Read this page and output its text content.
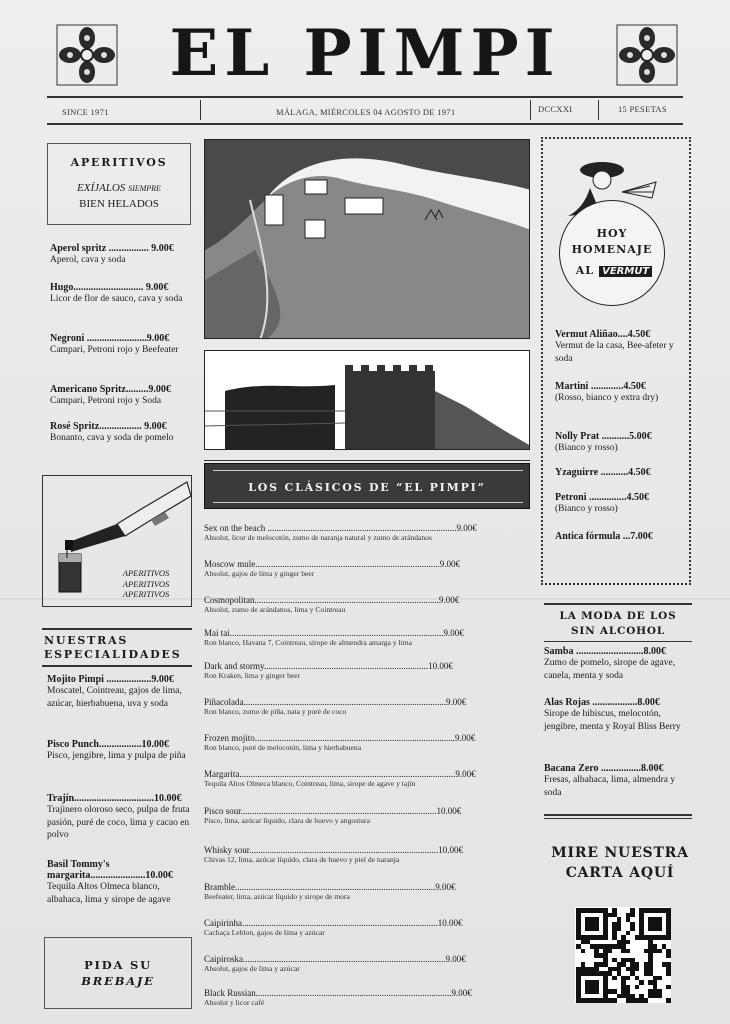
EL PIMPI
SINCE 1971	MÁLAGA, MIÉRCOLES 04 AGOSTO DE 1971	DCCXXI	15 PESETAS
APERITIVOS
EXÍJALOS SIEMPRE
BIEN HELADOS
Aperol spritz ................ 9.00€
Aperol, cava y soda
Hugo............................ 9.00€
Licor de flor de sauco, cava y soda
Negroni ........................9.00€
Campari, Petroni rojo y Beefeater
Americano Spritz.........9.00€
Campari, Petroni rojo y Soda
Rosé Spritz................. 9.00€
Bonanto, cava y soda de pomelo
APERITIVOS
APERITIVOS
APERITIVOS
NUESTRAS
ESPECIALIDADES
Mojito Pimpi ..................9.00€
Moscatel, Cointreau, gajos de lima, azúcar, hierbabuena, uva y soda
Pisco Punch.................10.00€
Pisco, jengibre, lima y pulpa de piña
Trajín................................10.00€
Trajinero oloroso seco, pulpa de fruta pasión, puré de coco, lima y cacao en polvo
Basil Tommy's
margarita......................10.00€
Tequila Altos Olmeca blanco, albahaca, lima y sirope de agave
PIDA SU
BREBAJE
LOS CLÁSICOS DE “EL PIMPI”
Sex on the beach ....................................................................................9.00€
Absolut, licor de melocotón, zumo de naranja natural y zumo de arándanos
Moscow mule..................................................................................9.00€
Absolut, gajos de lima y ginger beer
Cosmopolitan..................................................................................9.00€
Absolut, zumo de arándanos, lima y Cointreau
Mai tai...............................................................................................9.00€
Ron blanco, Havana 7, Cointreau, sirope de almendra amarga y lima
Dark and stormy.........................................................................10.00€
Ron Kraken, lima y ginger beer
Piñacolada..........................................................................................9.00€
Ron blanco, zumo de piña, nata y puré de coco
Frozen mojito.........................................................................................9.00€
Ron blanco, puré de melocotón, lima y hierbabuena
Margarita................................................................................................9.00€
Tequila Altos Olmeca blanco, Cointreau, lima, sirope de agave y tajín
Pisco sour.......................................................................................10.00€
Pisco, lima, azúcar líquido, clara de huevo y angostura
Whisky sour....................................................................................10.00€
Chivas 12, lima, azúcar líquido, clara de huevo y piel de naranja
Bramble.........................................................................................9.00€
Beefeater, lima, azúcar líquido y sirope de mora
Caipirinha.......................................................................................10.00€
Cachaça Leblon, gajos de lima y azúcar
Caipiroska..........................................................................................9.00€
Absolut, gajos de lima y azúcar
Black Russian.......................................................................................9.00€
Absolut y licor café
HOY
HOMENAJE
AL VERMUT
Vermut Aliñao....4.50€
Vermut de la casa, Bee-afeter y soda
Martini .............4.50€
(Rosso, bianco y extra dry)
Nolly Prat ...........5.00€
(Bianco y rosso)
Yzaguirre ...........4.50€
Petroni ...............4.50€
(Bianco y rosso)
Antica fórmula ...7.00€
LA MODA DE LOS
SIN ALCOHOL
Samba ...........................8.00€
Zumo de pomelo, sirope de agave, canela, menta y soda
Alas Rojas ..................8.00€
Sirope de hibiscus, melocotón, jengibre, menta y Royal Bliss Berry
Bacana Zero ................8.00€
Fresas, albahaca, lima, almendra y soda
MIRE NUESTRA
CARTA AQUÍ
